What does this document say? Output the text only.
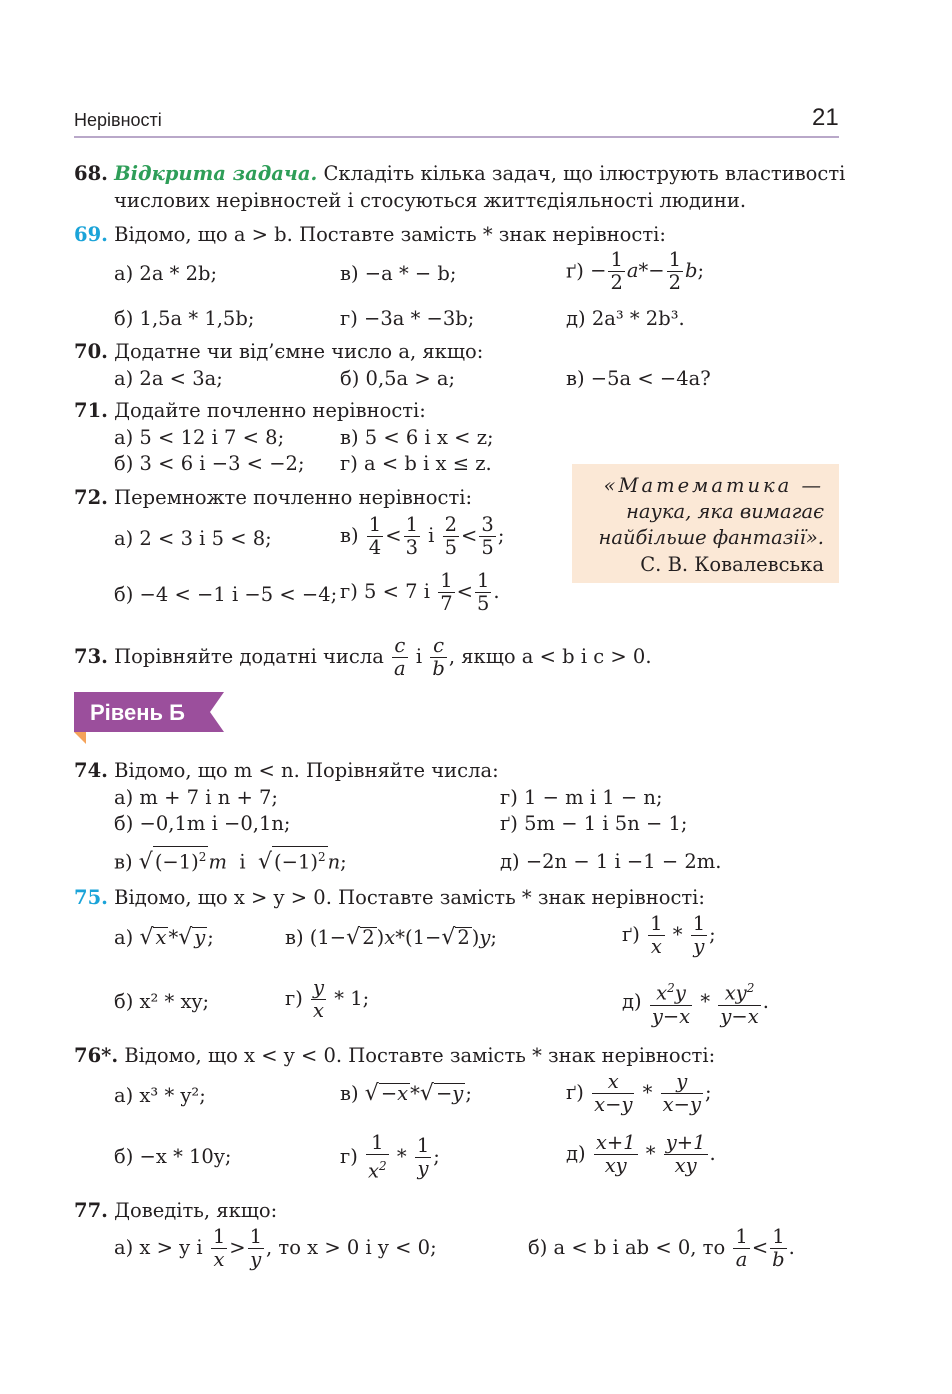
Нерівності	21
68. Відкрита задача. Складіть кілька задач, що ілюструють властивості
числових нерівностей і стосуються життєдіяльності людини.
69. Відомо, що a > b. Поставте замість * знак нерівності:
а) 2a * 2b;	в) −a * − b;	$ґ) - \frac{1}{2} a*- \frac{1}{2} b$;
б) 1,5a * 1,5b;	г) −3a * −3b;	д) 2a³ * 2b³.
70. Додатне чи від’ємне число a, якщо:
а) 2a < 3a;	б) 0,5a > a;	в) −5a < −4a?
71. Додайте почленно нерівності:
а) 5 < 12 і 7 < 8;	в) 5 < 6 і x < z;
б) 3 < 6 і −3 < −2; г) a < b і x ≤ z.
«Математика —
наука, яка вимагає
найбільше фантазії».
С. В. Ковалевська
72. Перемножте почленно нерівності:
а) 2 < 3 і 5 < 8;	$в) \frac{1}{4} < \frac{1}{3}$ і $\frac{2}{5} < \frac{3}{5}$ ;
б) −4 < −1 і −5 < −4; г) 5 < 7 і $\frac{1}{7} < \frac{1}{5}$ .
73. Порівняйте додатні числа $\frac{c}{a}$ і $\frac{c}{b}$ , якщо a < b і c > 0.
Рівень Б
74. Відомо, що m < n. Порівняйте числа:
а) m + 7 і n + 7;	г) 1 − m і 1 − n;
б) −0,1m і −0,1n;	ґ) 5m − 1 і 5n − 1;
в) √ $(-1)^2$ m  і  √ $(-1)^2$ n;	д) −2n − 1 і −1 − 2m.
75. Відомо, що x > y > 0. Поставте замість * знак нерівності:
а) √ x *√ y ;	в) (1−√ 2 )x*(1−√ 2 )y;	$ґ) \frac{1}{x} * \frac{1}{y}$ ;
б) x² * xy;	$г) \frac{y}{x} * 1$;	$д) \frac{x^2y}{y-x} * \frac{xy^2}{y-x}$ .
76*. Відомо, що x < y < 0. Поставте замість * знак нерівності:
а) x³ * y²;	в) √ −x *√ −y ;	$ґ) \frac{x}{x-y} * \frac{y}{x-y}$ ;
б) −x * 10y;	$г) \frac{1}{x^2} * \frac{1}{y}$ ;	$д) \frac{x+1}{xy} * \frac{y+1}{xy}$ .
77. Доведіть, якщо:
а) x > y і $\frac{1}{x} > \frac{1}{y}$ , то x > 0 і y < 0;	б) a < b і ab < 0, то $\frac{1}{a} < \frac{1}{b}$ .
